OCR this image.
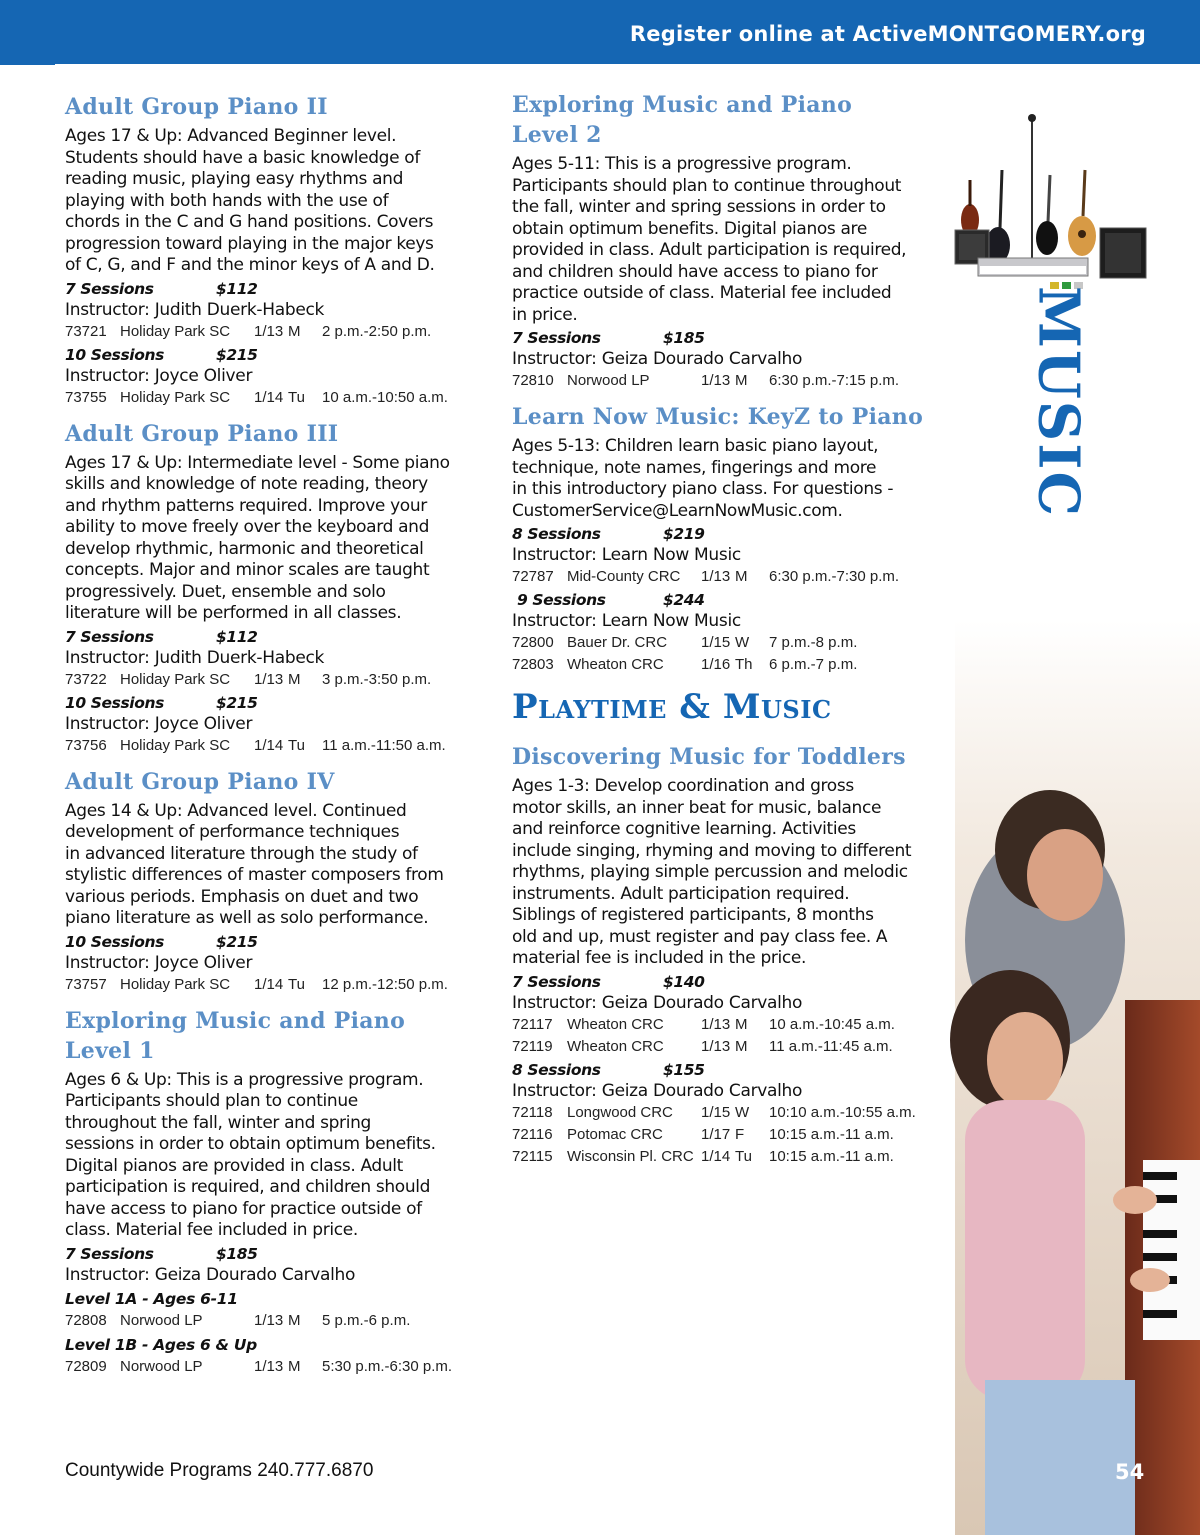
Register online at ActiveMONTGOMERY.org
Adult Group Piano II
Ages 17 & Up: Advanced Beginner level.
Students should have a basic knowledge of
reading music, playing easy rhythms and
playing with both hands with the use of
chords in the C and G hand positions. Covers
progression toward playing in the major keys
of C, G, and F and the minor keys of A and D.
7 Sessions	$112
Instructor: Judith Duerk-Habeck
73721 Holiday Park SC	1/13 M	2 p.m.-2:50 p.m.
10 Sessions	$215
Instructor: Joyce Oliver
73755 Holiday Park SC	1/14 Tu	10 a.m.-10:50 a.m.
Adult Group Piano III
Ages 17 & Up: Intermediate level - Some piano
skills and knowledge of note reading, theory
and rhythm patterns required. Improve your
ability to move freely over the keyboard and
develop rhythmic, harmonic and theoretical
concepts. Major and minor scales are taught
progressively. Duet, ensemble and solo
literature will be performed in all classes.
7 Sessions	$112
Instructor: Judith Duerk-Habeck
73722 Holiday Park SC	1/13 M	3 p.m.-3:50 p.m.
10 Sessions	$215
Instructor: Joyce Oliver
73756 Holiday Park SC	1/14 Tu	11 a.m.-11:50 a.m.
Adult Group Piano IV
Ages 14 & Up: Advanced level. Continued
development of performance techniques
in advanced literature through the study of
stylistic differences of master composers from
various periods. Emphasis on duet and two
piano literature as well as solo performance.
10 Sessions	$215
Instructor: Joyce Oliver
73757 Holiday Park SC	1/14 Tu	12 p.m.-12:50 p.m.
Exploring Music and Piano
Level 1
Ages 6 & Up: This is a progressive program.
Participants should plan to continue
throughout the fall, winter and spring
sessions in order to obtain optimum benefits.
Digital pianos are provided in class. Adult
participation is required, and children should
have access to piano for practice outside of
class. Material fee included in price.
7 Sessions	$185
Instructor: Geiza Dourado Carvalho
Level 1A - Ages 6-11
72808 Norwood LP	1/13 M	5 p.m.-6 p.m.
Level 1B - Ages 6 & Up
72809 Norwood LP	1/13 M	5:30 p.m.-6:30 p.m.
Exploring Music and Piano
Level 2
Ages 5-11: This is a progressive program.
Participants should plan to continue throughout
the fall, winter and spring sessions in order to
obtain optimum benefits. Digital pianos are
provided in class. Adult participation is required,
and children should have access to piano for
practice outside of class. Material fee included
in price.
7 Sessions	$185
Instructor: Geiza Dourado Carvalho
72810 Norwood LP	1/13 M	6:30 p.m.-7:15 p.m.
Learn Now Music: KeyZ to Piano
Ages 5-13: Children learn basic piano layout,
technique, note names, fingerings and more
in this introductory piano class. For questions -
CustomerService@LearnNowMusic.com.
8 Sessions	$219
Instructor: Learn Now Music
72787 Mid-County CRC	1/13 M	6:30 p.m.-7:30 p.m.
9 Sessions	$244
Instructor: Learn Now Music
72800 Bauer Dr. CRC	1/15 W	7 p.m.-8 p.m.
72803 Wheaton CRC	1/16 Th	6 p.m.-7 p.m.
Playtime & Music
Discovering Music for Toddlers
Ages 1-3: Develop coordination and gross
motor skills, an inner beat for music, balance
and reinforce cognitive learning. Activities
include singing, rhyming and moving to different
rhythms, playing simple percussion and melodic
instruments. Adult participation required.
Siblings of registered participants, 8 months
old and up, must register and pay class fee. A
material fee is included in the price.
7 Sessions	$140
Instructor: Geiza Dourado Carvalho
72117 Wheaton CRC	1/13 M	10 a.m.-10:45 a.m.
72119 Wheaton CRC	1/13 M	11 a.m.-11:45 a.m.
8 Sessions	$155
Instructor: Geiza Dourado Carvalho
72118 Longwood CRC	1/15 W	10:10 a.m.-10:55 a.m.
72116 Potomac CRC	1/17 F	10:15 a.m.-11 a.m.
72115 Wisconsin Pl. CRC 1/14 Tu	10:15 a.m.-11 a.m.
MUSIC
Countywide Programs 240.777.6870	54
